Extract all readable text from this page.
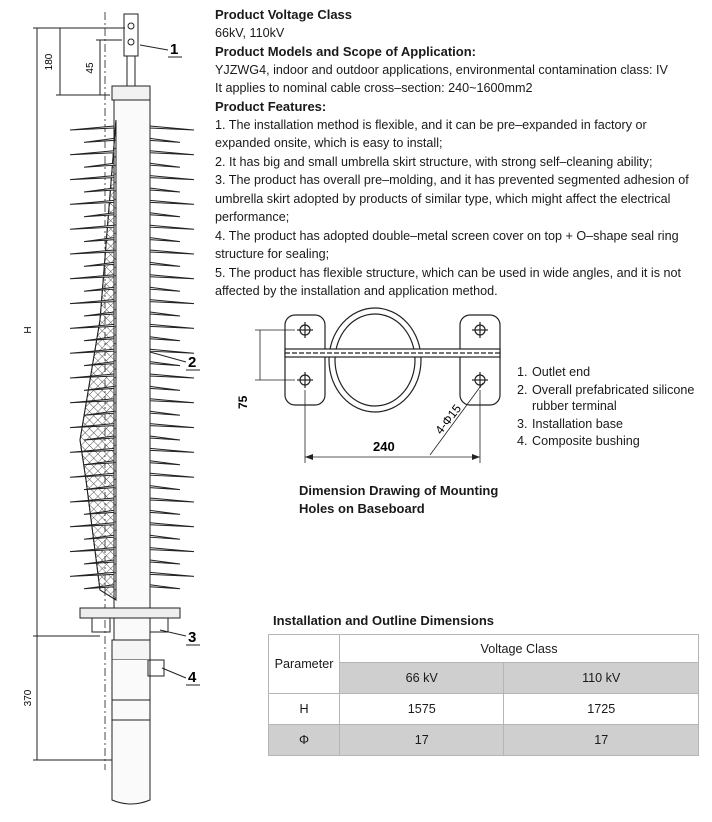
180	45
H
370
1
2
3
4
Product Voltage Class
66kV, 110kV
Product Models and Scope of Application:
YJZWG4, indoor and outdoor applications, environmental contamination class: IV
It applies to nominal cable cross–section: 240~1600mm2
Product Features:
1. The installation method is flexible, and it can be pre–expanded in factory or expanded onsite, which is easy to install;
2. It has big and small umbrella skirt structure, with strong self–cleaning ability;
3. The product has overall pre–molding, and it has prevented segmented adhesion of umbrella skirt adopted by products of similar type, which might affect the electrical performance;
4. The product has adopted double–metal screen cover on top + O–shape seal ring structure for sealing;
5. The product has flexible structure, which can be used in wide angles, and it is not affected by the installation and application method.
75
240
4-Φ15
1. Outlet end
2. Overall prefabricated silicone rubber terminal
3. Installation base
4. Composite bushing
Dimension Drawing of Mounting Holes on Baseboard
Installation and Outline Dimensions
Parameter	Voltage Class	
	66 kV	110 kV
H	1575	1725
Φ	17	17
